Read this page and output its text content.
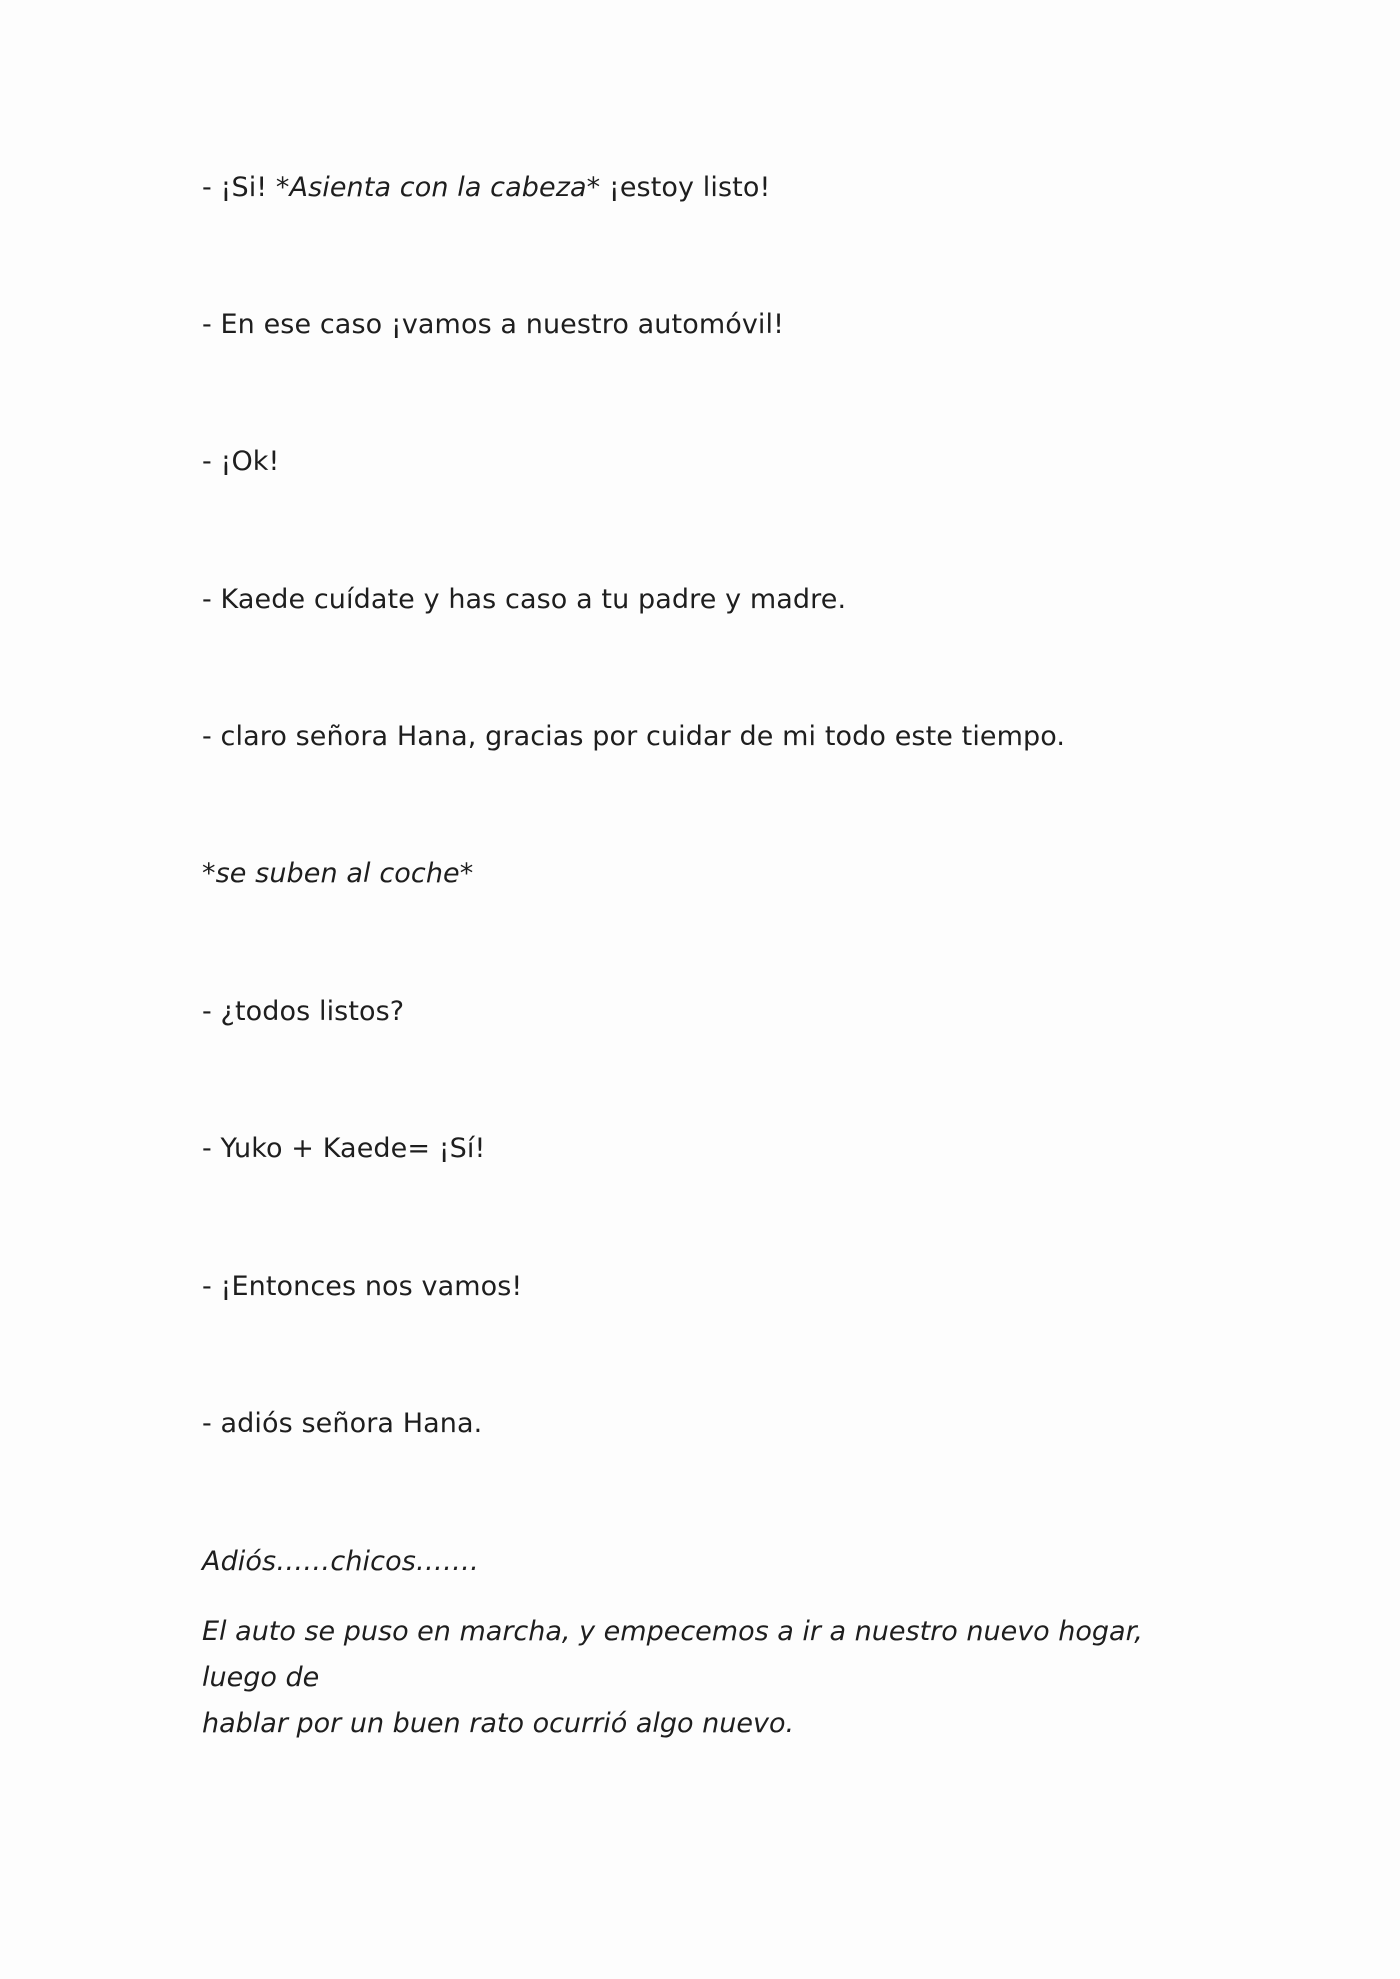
- ¡Si! *Asienta con la cabeza* ¡estoy listo!
- En ese caso ¡vamos a nuestro automóvil!
- ¡Ok!
- Kaede cuídate y has caso a tu padre y madre.
- claro señora Hana, gracias por cuidar de mi todo este tiempo.
*se suben al coche*
- ¿todos listos?
- Yuko + Kaede= ¡Sí!
- ¡Entonces nos vamos!
- adiós señora Hana.
Adiós……chicos…….
El auto se puso en marcha, y empecemos a ir a nuestro nuevo hogar, luego de
hablar por un buen rato ocurrió algo nuevo.
